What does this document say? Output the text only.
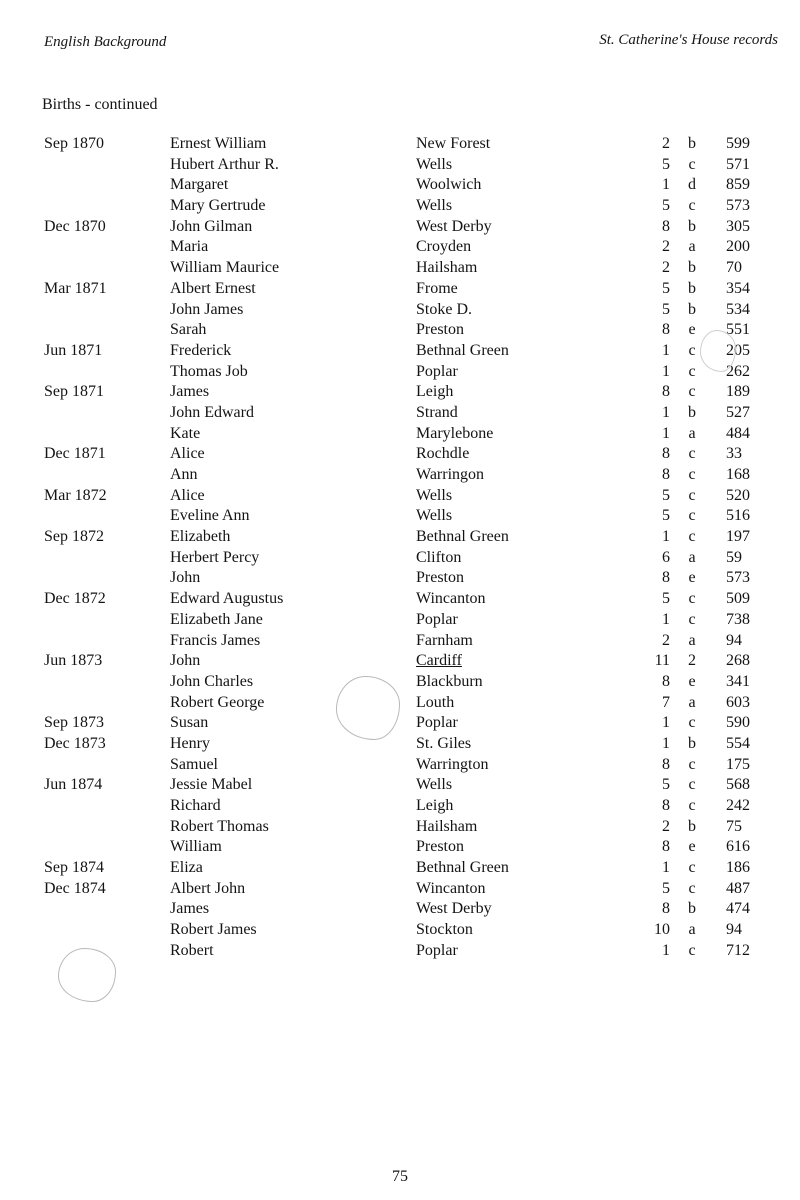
English Background	St. Catherine's House records
Births - continued
Sep 1870	Ernest William	New Forest	2 b 599
Hubert Arthur R.	Wells	5 c 571
Margaret	Woolwich	1 d 859
Mary Gertrude	Wells	5 c 573
Dec 1870	John Gilman	West Derby	8 b 305
Maria	Croyden	2 a 200
William Maurice	Hailsham	2 b 70
Mar 1871	Albert Ernest	Frome	5 b 354
John James	Stoke D.	5 b 534
Sarah	Preston	8 e 551
Jun 1871	Frederick	Bethnal Green	1 c 205
Thomas Job	Poplar	1 c 262
Sep 1871	James	Leigh	8 c 189
John Edward	Strand	1 b 527
Kate	Marylebone	1 a 484
Dec 1871	Alice	Rochdle	8 c 33
Ann	Warringon	8 c 168
Mar 1872	Alice	Wells	5 c 520
Eveline Ann	Wells	5 c 516
Sep 1872	Elizabeth	Bethnal Green	1 c 197
Herbert Percy	Clifton	6 a 59
John	Preston	8 e 573
Dec 1872	Edward Augustus	Wincanton	5 c 509
Elizabeth Jane	Poplar	1 c 738
Francis James	Farnham	2 a 94
Jun 1873	John	Cardiff	11 2 268
John Charles	Blackburn	8 e 341
Robert George	Louth	7 a 603
Sep 1873	Susan	Poplar	1 c 590
Dec 1873	Henry	St. Giles	1 b 554
Samuel	Warrington	8 c 175
Jun 1874	Jessie Mabel	Wells	5 c 568
Richard	Leigh	8 c 242
Robert Thomas	Hailsham	2 b 75
William	Preston	8 e 616
Sep 1874	Eliza	Bethnal Green	1 c 186
Dec 1874	Albert John	Wincanton	5 c 487
James	West Derby	8 b 474
Robert James	Stockton	10 a 94
Robert	Poplar	1 c 712
75
